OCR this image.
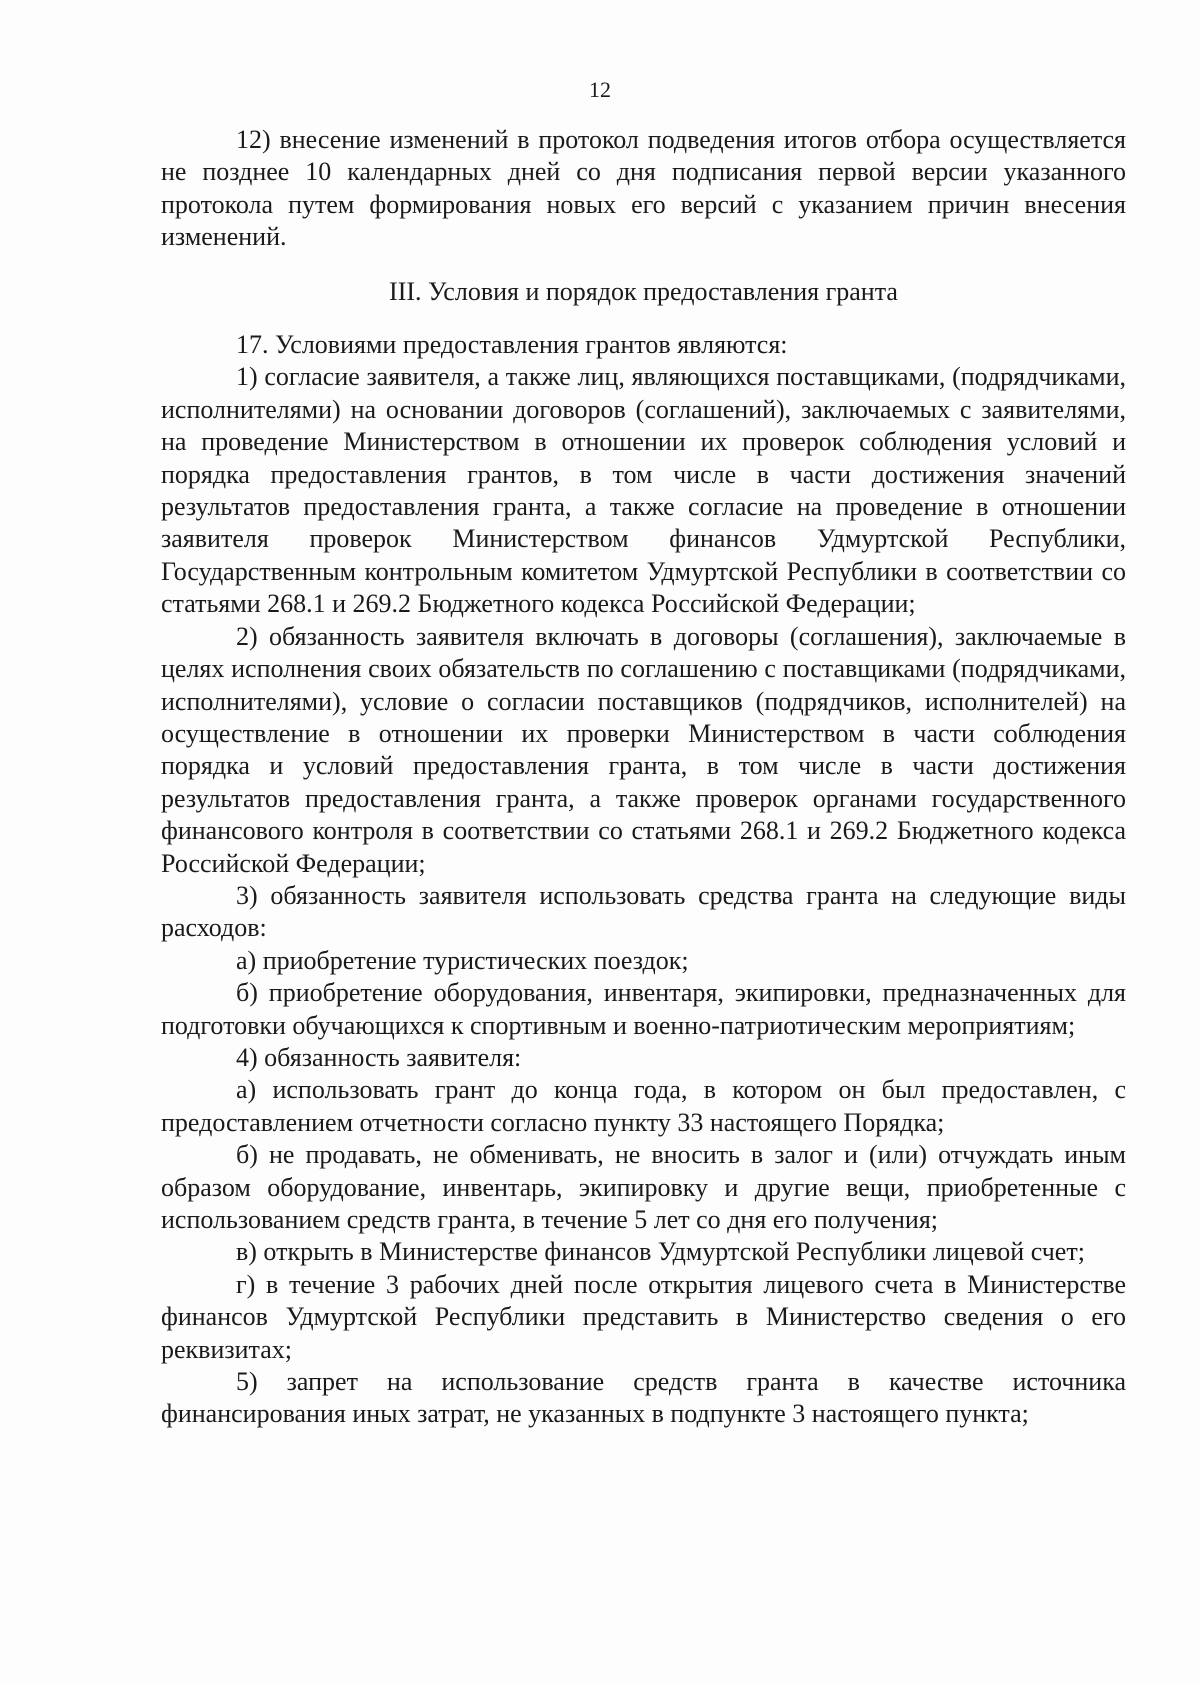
12

12) внесение изменений в протокол подведения итогов отбора осуществляется не позднее 10 календарных дней со дня подписания первой версии указанного протокола путем формирования новых его версий с указанием причин внесения изменений.

III. Условия и порядок предоставления гранта

17. Условиями предоставления грантов являются:

1) согласие заявителя, а также лиц, являющихся поставщиками, (подрядчиками, исполнителями) на основании договоров (соглашений), заключаемых с заявителями, на проведение Министерством в отношении их проверок соблюдения условий и порядка предоставления грантов, в том числе в части достижения значений результатов предоставления гранта, а также согласие на проведение в отношении заявителя проверок Министерством финансов Удмуртской Республики, Государственным контрольным комитетом Удмуртской Республики в соответствии со статьями 268.1 и 269.2 Бюджетного кодекса Российской Федерации;

2) обязанность заявителя включать в договоры (соглашения), заключаемые в целях исполнения своих обязательств по соглашению с поставщиками (подрядчиками, исполнителями), условие о согласии поставщиков (подрядчиков, исполнителей) на осуществление в отношении их проверки Министерством в части соблюдения порядка и условий предоставления гранта, в том числе в части достижения результатов предоставления гранта, а также проверок органами государственного финансового контроля в соответствии со статьями 268.1 и 269.2 Бюджетного кодекса Российской Федерации;

3) обязанность заявителя использовать средства гранта на следующие виды расходов:

а) приобретение туристических поездок;

б) приобретение оборудования, инвентаря, экипировки, предназначенных для подготовки обучающихся к спортивным и военно-патриотическим мероприятиям;

4) обязанность заявителя:

а) использовать грант до конца года, в котором он был предоставлен, с предоставлением отчетности согласно пункту 33 настоящего Порядка;

б) не продавать, не обменивать, не вносить в залог и (или) отчуждать иным образом оборудование, инвентарь, экипировку и другие вещи, приобретенные с использованием средств гранта, в течение 5 лет со дня его получения;

в) открыть в Министерстве финансов Удмуртской Республики лицевой счет;

г) в течение 3 рабочих дней после открытия лицевого счета в Министерстве финансов Удмуртской Республики представить в Министерство сведения о его реквизитах;

5) запрет на использование средств гранта в качестве источника финансирования иных затрат, не указанных в подпункте 3 настоящего пункта;
